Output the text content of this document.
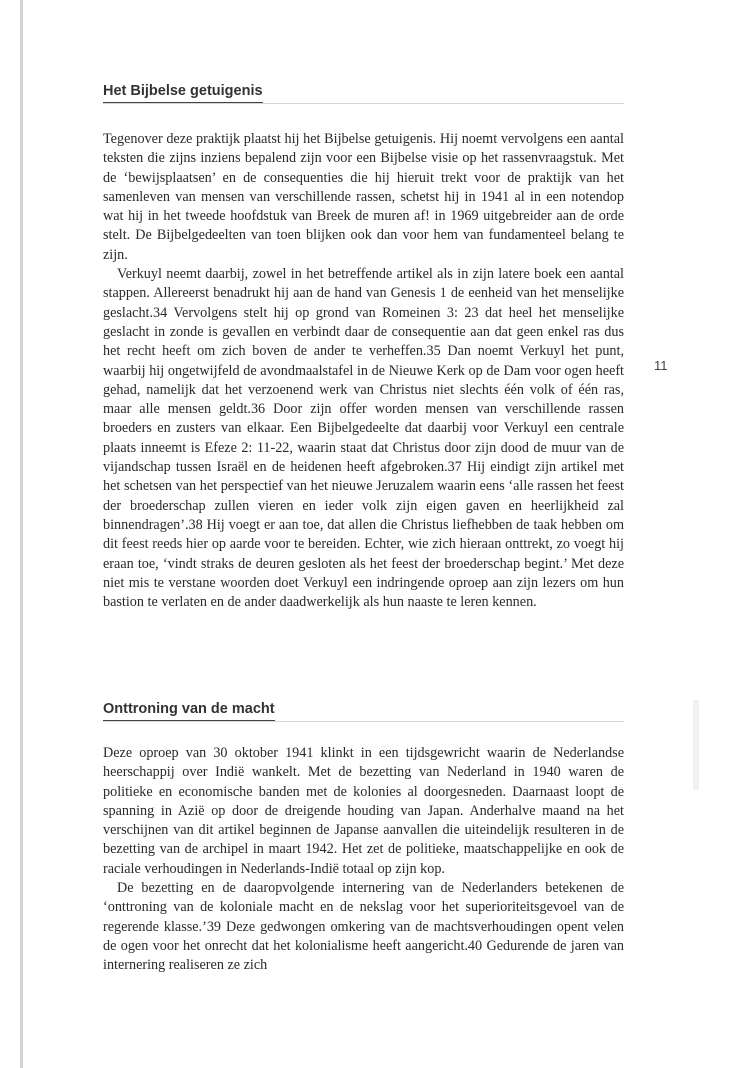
Het Bijbelse getuigenis

Tegenover deze praktijk plaatst hij het Bijbelse getuigenis. Hij noemt vervolgens een aantal teksten die zijns inziens bepalend zijn voor een Bijbelse visie op het rassenvraagstuk. Met de ‘bewijsplaatsen’ en de consequenties die hij hieruit trekt voor de praktijk van het samenleven van mensen van verschillende rassen, schetst hij in 1941 al in een notendop wat hij in het tweede hoofdstuk van Breek de muren af! in 1969 uitgebreider aan de orde stelt. De Bijbelgedeelten van toen blijken ook dan voor hem van fundamenteel belang te zijn.

Verkuyl neemt daarbij, zowel in het betreffende artikel als in zijn latere boek een aantal stappen. Allereerst benadrukt hij aan de hand van Genesis 1 de eenheid van het menselijke geslacht.34 Vervolgens stelt hij op grond van Romeinen 3: 23 dat heel het menselijke geslacht in zonde is gevallen en verbindt daar de consequentie aan dat geen enkel ras dus het recht heeft om zich boven de ander te verheffen.35 Dan noemt Verkuyl het punt, waarbij hij ongetwijfeld de avondmaalstafel in de Nieuwe Kerk op de Dam voor ogen heeft gehad, namelijk dat het verzoenend werk van Christus niet slechts één volk of één ras, maar alle mensen geldt.36 Door zijn offer worden mensen van verschillende rassen broeders en zusters van elkaar. Een Bijbelgedeelte dat daarbij voor Verkuyl een centrale plaats inneemt is Efeze 2: 11-22, waarin staat dat Christus door zijn dood de muur van de vijandschap tussen Israël en de heidenen heeft afgebroken.37 Hij eindigt zijn artikel met het schetsen van het perspectief van het nieuwe Jeruzalem waarin eens ‘alle rassen het feest der broederschap zullen vieren en ieder volk zijn eigen gaven en heerlijkheid zal binnendragen’.38 Hij voegt er aan toe, dat allen die Christus liefhebben de taak hebben om dit feest reeds hier op aarde voor te bereiden. Echter, wie zich hieraan onttrekt, zo voegt hij eraan toe, ‘vindt straks de deuren gesloten als het feest der broederschap begint.’ Met deze niet mis te verstane woorden doet Verkuyl een indringende oproep aan zijn lezers om hun bastion te verlaten en de ander daadwerkelijk als hun naaste te leren kennen.

Onttroning van de macht

Deze oproep van 30 oktober 1941 klinkt in een tijdsgewricht waarin de Nederlandse heerschappij over Indië wankelt. Met de bezetting van Nederland in 1940 waren de politieke en economische banden met de kolonies al doorgesneden. Daarnaast loopt de spanning in Azië op door de dreigende houding van Japan. Anderhalve maand na het verschijnen van dit artikel beginnen de Japanse aanvallen die uiteindelijk resulteren in de bezetting van de archipel in maart 1942. Het zet de politieke, maatschappelijke en ook de raciale verhoudingen in Nederlands-Indië totaal op zijn kop.

De bezetting en de daaropvolgende internering van de Nederlanders betekenen de ‘onttroning van de koloniale macht en de nekslag voor het superioriteitsgevoel van de regerende klasse.’39 Deze gedwongen omkering van de machtsverhoudingen opent velen de ogen voor het onrecht dat het kolonialisme heeft aangericht.40 Gedurende de jaren van internering realiseren ze zich

11
